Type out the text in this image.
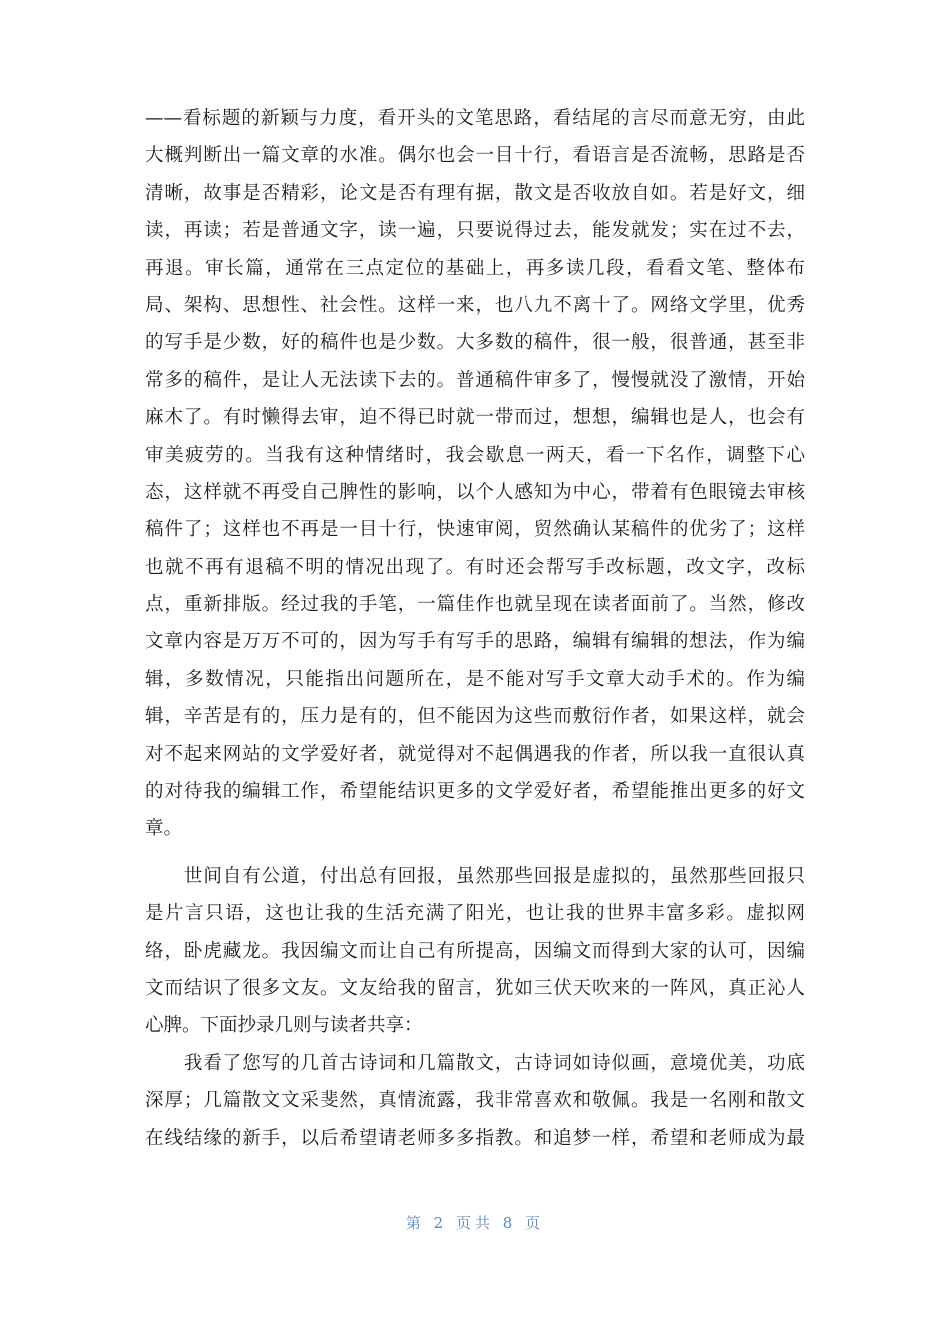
——看标题的新颖与力度，看开头的文笔思路，看结尾的言尽而意无穷，由此
大概判断出一篇文章的水准。偶尔也会一目十行，看语言是否流畅，思路是否
清晰，故事是否精彩，论文是否有理有据，散文是否收放自如。若是好文，细
读，再读；若是普通文字，读一遍，只要说得过去，能发就发；实在过不去，
再退。审长篇，通常在三点定位的基础上，再多读几段，看看文笔、整体布
局、架构、思想性、社会性。这样一来，也八九不离十了。网络文学里，优秀
的写手是少数，好的稿件也是少数。大多数的稿件，很一般，很普通，甚至非
常多的稿件，是让人无法读下去的。普通稿件审多了，慢慢就没了激情，开始
麻木了。有时懒得去审，迫不得已时就一带而过，想想，编辑也是人，也会有
审美疲劳的。当我有这种情绪时，我会歇息一两天，看一下名作，调整下心
态，这样就不再受自己脾性的影响，以个人感知为中心，带着有色眼镜去审核
稿件了；这样也不再是一目十行，快速审阅，贸然确认某稿件的优劣了；这样
也就不再有退稿不明的情况出现了。有时还会帮写手改标题，改文字，改标
点，重新排版。经过我的手笔，一篇佳作也就呈现在读者面前了。当然，修改
文章内容是万万不可的，因为写手有写手的思路，编辑有编辑的想法，作为编
辑，多数情况，只能指出问题所在，是不能对写手文章大动手术的。作为编
辑，辛苦是有的，压力是有的，但不能因为这些而敷衍作者，如果这样，就会
对不起来网站的文学爱好者，就觉得对不起偶遇我的作者，所以我一直很认真
的对待我的编辑工作，希望能结识更多的文学爱好者，希望能推出更多的好文
章。
　　世间自有公道，付出总有回报，虽然那些回报是虚拟的，虽然那些回报只
是片言只语，这也让我的生活充满了阳光，也让我的世界丰富多彩。虚拟网
络，卧虎藏龙。我因编文而让自己有所提高，因编文而得到大家的认可，因编
文而结识了很多文友。文友给我的留言，犹如三伏天吹来的一阵风，真正沁人
心脾。下面抄录几则与读者共享：
　　我看了您写的几首古诗词和几篇散文，古诗词如诗似画，意境优美，功底
深厚；几篇散文文采斐然，真情流露，我非常喜欢和敬佩。我是一名刚和散文
在线结缘的新手，以后希望请老师多多指教。和追梦一样，希望和老师成为最
第 2 页共 8 页
